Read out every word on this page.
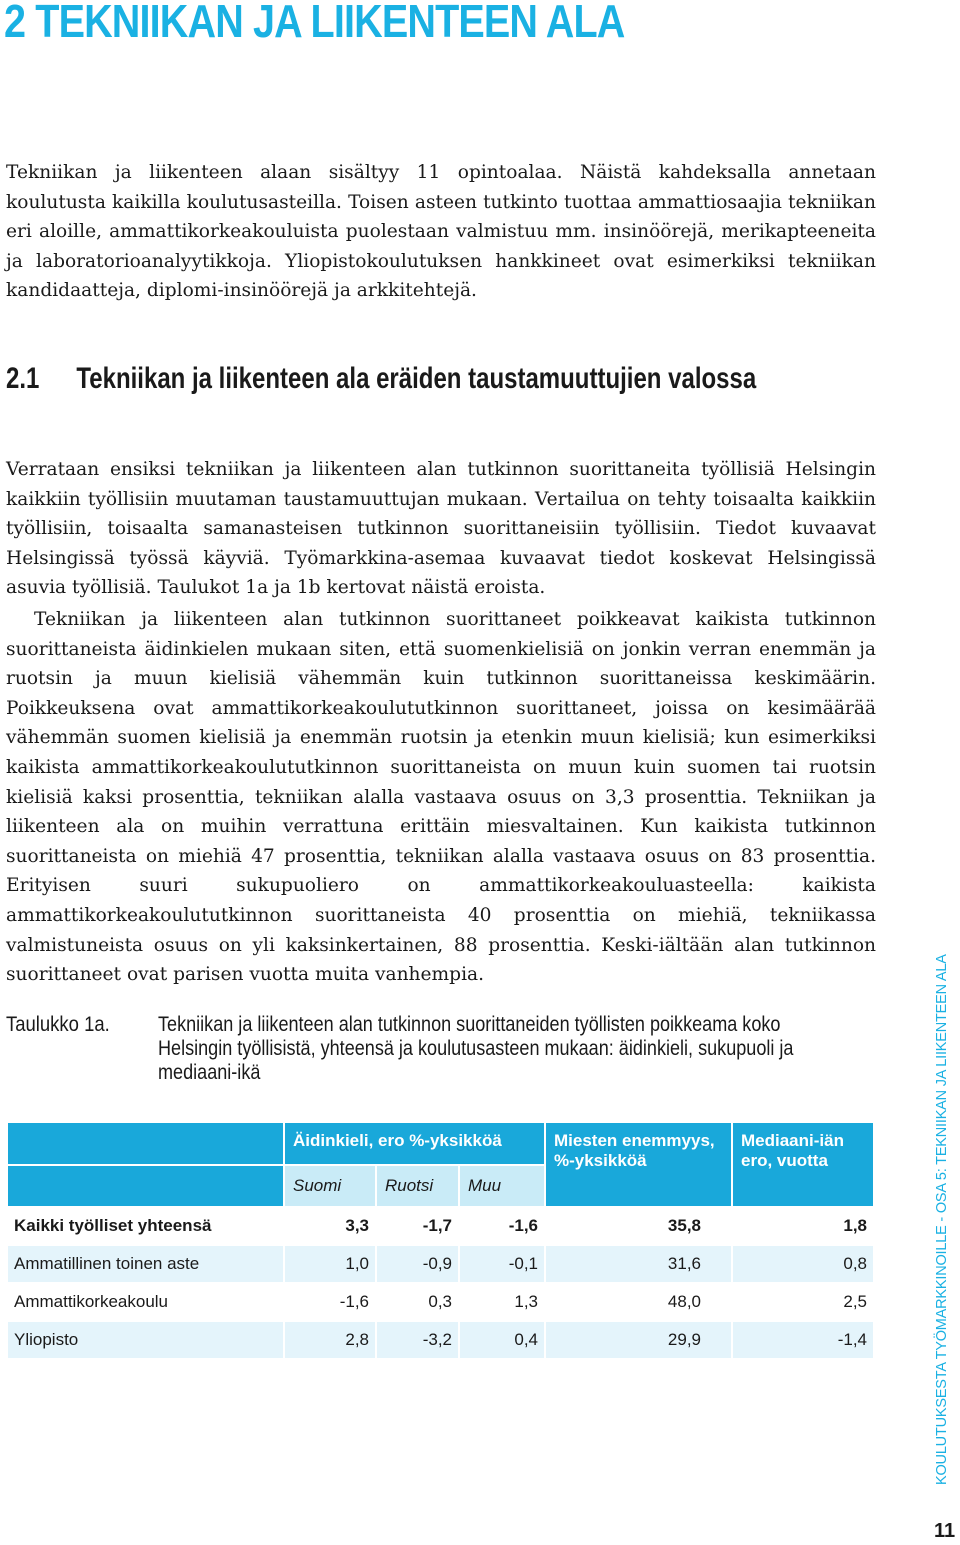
2 TEKNIIKAN JA LIIKENTEEN ALA

Tekniikan ja liikenteen alaan sisältyy 11 opintoalaa. Näistä kahdeksalla annetaan koulutusta kaikilla koulutusasteilla. Toisen asteen tutkinto tuottaa ammattiosaajia tekniikan eri aloille, ammattikorkeakouluista puolestaan valmistuu mm. insinöörejä, merikapteeneita ja laboratorioanalyytikkoja. Yliopistokoulutuksen hankkineet ovat esimerkiksi tekniikan kandidaatteja, diplomi-insinöörejä ja arkkitehtejä.

2.1 Tekniikan ja liikenteen ala eräiden taustamuuttujien valossa

Verrataan ensiksi tekniikan ja liikenteen alan tutkinnon suorittaneita työllisiä Helsingin kaikkiin työllisiin muutaman taustamuuttujan mukaan. Vertailua on tehty toisaalta kaikkiin työllisiin, toisaalta samanasteisen tutkinnon suorittaneisiin työllisiin. Tiedot kuvaavat Helsingissä työssä käyviä. Työmarkkina-asemaa kuvaavat tiedot koskevat Helsingissä asuvia työllisiä. Taulukot 1a ja 1b kertovat näistä eroista.

Tekniikan ja liikenteen alan tutkinnon suorittaneet poikkeavat kaikista tutkinnon suorittaneista äidinkielen mukaan siten, että suomenkielisiä on jonkin verran enemmän ja ruotsin ja muun kielisiä vähemmän kuin tutkinnon suorittaneissa keskimäärin. Poikkeuksena ovat ammattikorkeakoulututkinnon suorittaneet, joissa on kesimäärää vähemmän suomen kielisiä ja enemmän ruotsin ja etenkin muun kielisiä; kun esimerkiksi kaikista ammattikorkeakoulututkinnon suorittaneista on muun kuin suomen tai ruotsin kielisiä kaksi prosenttia, tekniikan alalla vastaava osuus on 3,3 prosenttia. Tekniikan ja liikenteen ala on muihin verrattuna erittäin miesvaltainen. Kun kaikista tutkinnon suorittaneista on miehiä 47 prosenttia, tekniikan alalla vastaava osuus on 83 prosenttia. Erityisen suuri sukupuoliero on ammattikorkeakouluasteella: kaikista ammattikorkeakoulututkinnon suorittaneista 40 prosenttia on miehiä, tekniikassa valmistuneista osuus on yli kaksinkertainen, 88 prosenttia. Keski-iältään alan tutkinnon suorittaneet ovat parisen vuotta muita vanhempia.

Taulukko 1a. Tekniikan ja liikenteen alan tutkinnon suorittaneiden työllisten poikkeama koko Helsingin työllisistä, yhteensä ja koulutusasteen mukaan: äidinkieli, sukupuoli ja mediaani-ikä

	Äidinkieli, ero %-yksikköä			Miesten enemmyys, %-yksikköä	Mediaani-iän ero, vuotta
	Suomi	Ruotsi	Muu		
Kaikki työlliset yhteensä	3,3	-1,7	-1,6	35,8	1,8
Ammatillinen toinen aste	1,0	-0,9	-0,1	31,6	0,8
Ammattikorkeakoulu	-1,6	0,3	1,3	48,0	2,5
Yliopisto	2,8	-3,2	0,4	29,9	-1,4	KOULUTUKSESTA TYÖMARKKINOILLE - OSA 5: TEKNIIKAN JA LIIKENTEEN ALA
11
